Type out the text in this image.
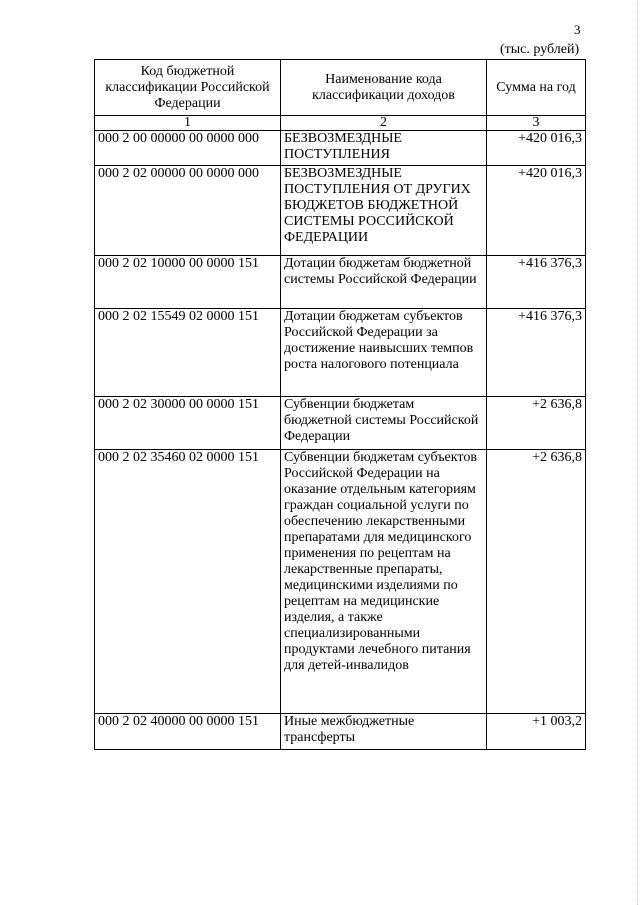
3
(тыс. рублей)
Код бюджетной классификации Российской Федерации	Наименование кода классификации доходов	Сумма на год
1	2	3
000 2 00 00000 00 0000 000	БЕЗВОЗМЕЗДНЫЕ ПОСТУПЛЕНИЯ	+420 016,3
000 2 02 00000 00 0000 000	БЕЗВОЗМЕЗДНЫЕ ПОСТУПЛЕНИЯ ОТ ДРУГИХ БЮДЖЕТОВ БЮДЖЕТНОЙ СИСТЕМЫ РОССИЙСКОЙ ФЕДЕРАЦИИ	+420 016,3
000 2 02 10000 00 0000 151	Дотации бюджетам бюджетной системы Российской Федерации	+416 376,3
000 2 02 15549 02 0000 151	Дотации бюджетам субъектов Российской Федерации за достижение наивысших темпов роста налогового потенциала	+416 376,3
000 2 02 30000 00 0000 151	Субвенции бюджетам бюджетной системы Российской Федерации	+2 636,8
000 2 02 35460 02 0000 151	Субвенции бюджетам субъектов Российской Федерации на оказание отдельным категориям граждан социальной услуги по обеспечению лекарственными препаратами для медицинского применения по рецептам на лекарственные препараты, медицинскими изделиями по рецептам на медицинские изделия, а также специализированными продуктами лечебного питания для детей-инвалидов	+2 636,8
000 2 02 40000 00 0000 151	Иные межбюджетные трансферты	+1 003,2
